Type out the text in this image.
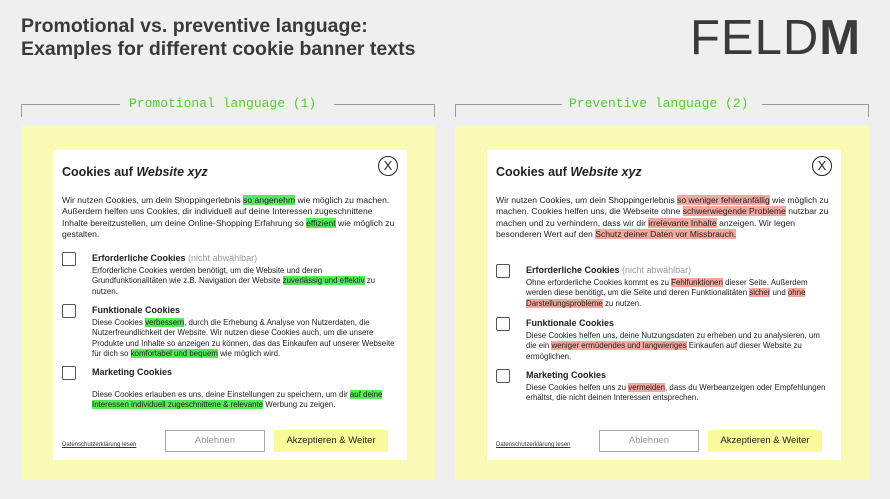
Promotional vs. preventive language:
Examples for different cookie banner texts	FELDM
Promotional language (1)	Preventive language (2)
Cookies auf Website xyz	X
Wir nutzen Cookies, um dein Shoppingerlebnis so angenehm wie möglich zu machen. Außerdem helfen uns Cookies, dir individuell auf deine Interessen zugeschnittene Inhalte bereitzustellen, um deine Online-Shopping Erfahrung so effizient wie möglich zu gestalten.
Erforderliche Cookies (nicht abwählbar)
Erforderliche Cookies werden benötigt, um die Website und deren Grundfunktionalitäten wie z.B. Navigation der Website zuverlässig und effektiv zu nutzen.
Funktionale Cookies
Diese Cookies verbessern, durch die Erhebung & Analyse von Nutzerdaten, die Nutzerfreundlichkeit der Website. Wir nutzen diese Cookies auch, um die unsere Produkte und Inhalte so anzeigen zu können, das das Einkaufen auf unserer Webseite für dich so komfortabel und bequem wie möglich wird.
Marketing Cookies
Diese Cookies erlauben es uns, deine Einstellungen zu speichern, um dir auf deine Interessen individuell zugeschnittene & relevante Werbung zu zeigen.
Datenschutzerklärung lesen	Ablehnen	Akzeptieren & Weiter
Cookies auf Website xyz	X
Wir nutzen Cookies, um dein Shoppingerlebnis so weniger fehleranfällig wie möglich zu machen. Cookies helfen uns, die Webseite ohne schwerwiegende Probleme nutzbar zu machen und zu verhindern, dass wir dir irrelevante Inhalte anzeigen. Wir legen besonderen Wert auf den Schutz deiner Daten vor Missbrauch.
Erforderliche Cookies (nicht abwählbar)
Ohne erforderliche Cookies kommt es zu Fehlfunktionen dieser Seite. Außerdem werden diese benötigt, um die Seite und deren Funktionalitäten sicher und ohne Darstellungsprobleme zu nutzen.
Funktionale Cookies
Diese Cookies helfen uns, deine Nutzungsdaten zu erheben und zu analysieren, um die ein weniger ermüdendes und langwieriges Einkaufen auf dieser Website zu ermöglichen.
Marketing Cookies
Diese Cookies helfen uns zu vermeiden, dass du Werbeanzeigen oder Empfehlungen erhältst, die nicht deinen Interessen entsprechen.
Datenschutzerklärung lesen	Ablehnen	Akzeptieren & Weiter
